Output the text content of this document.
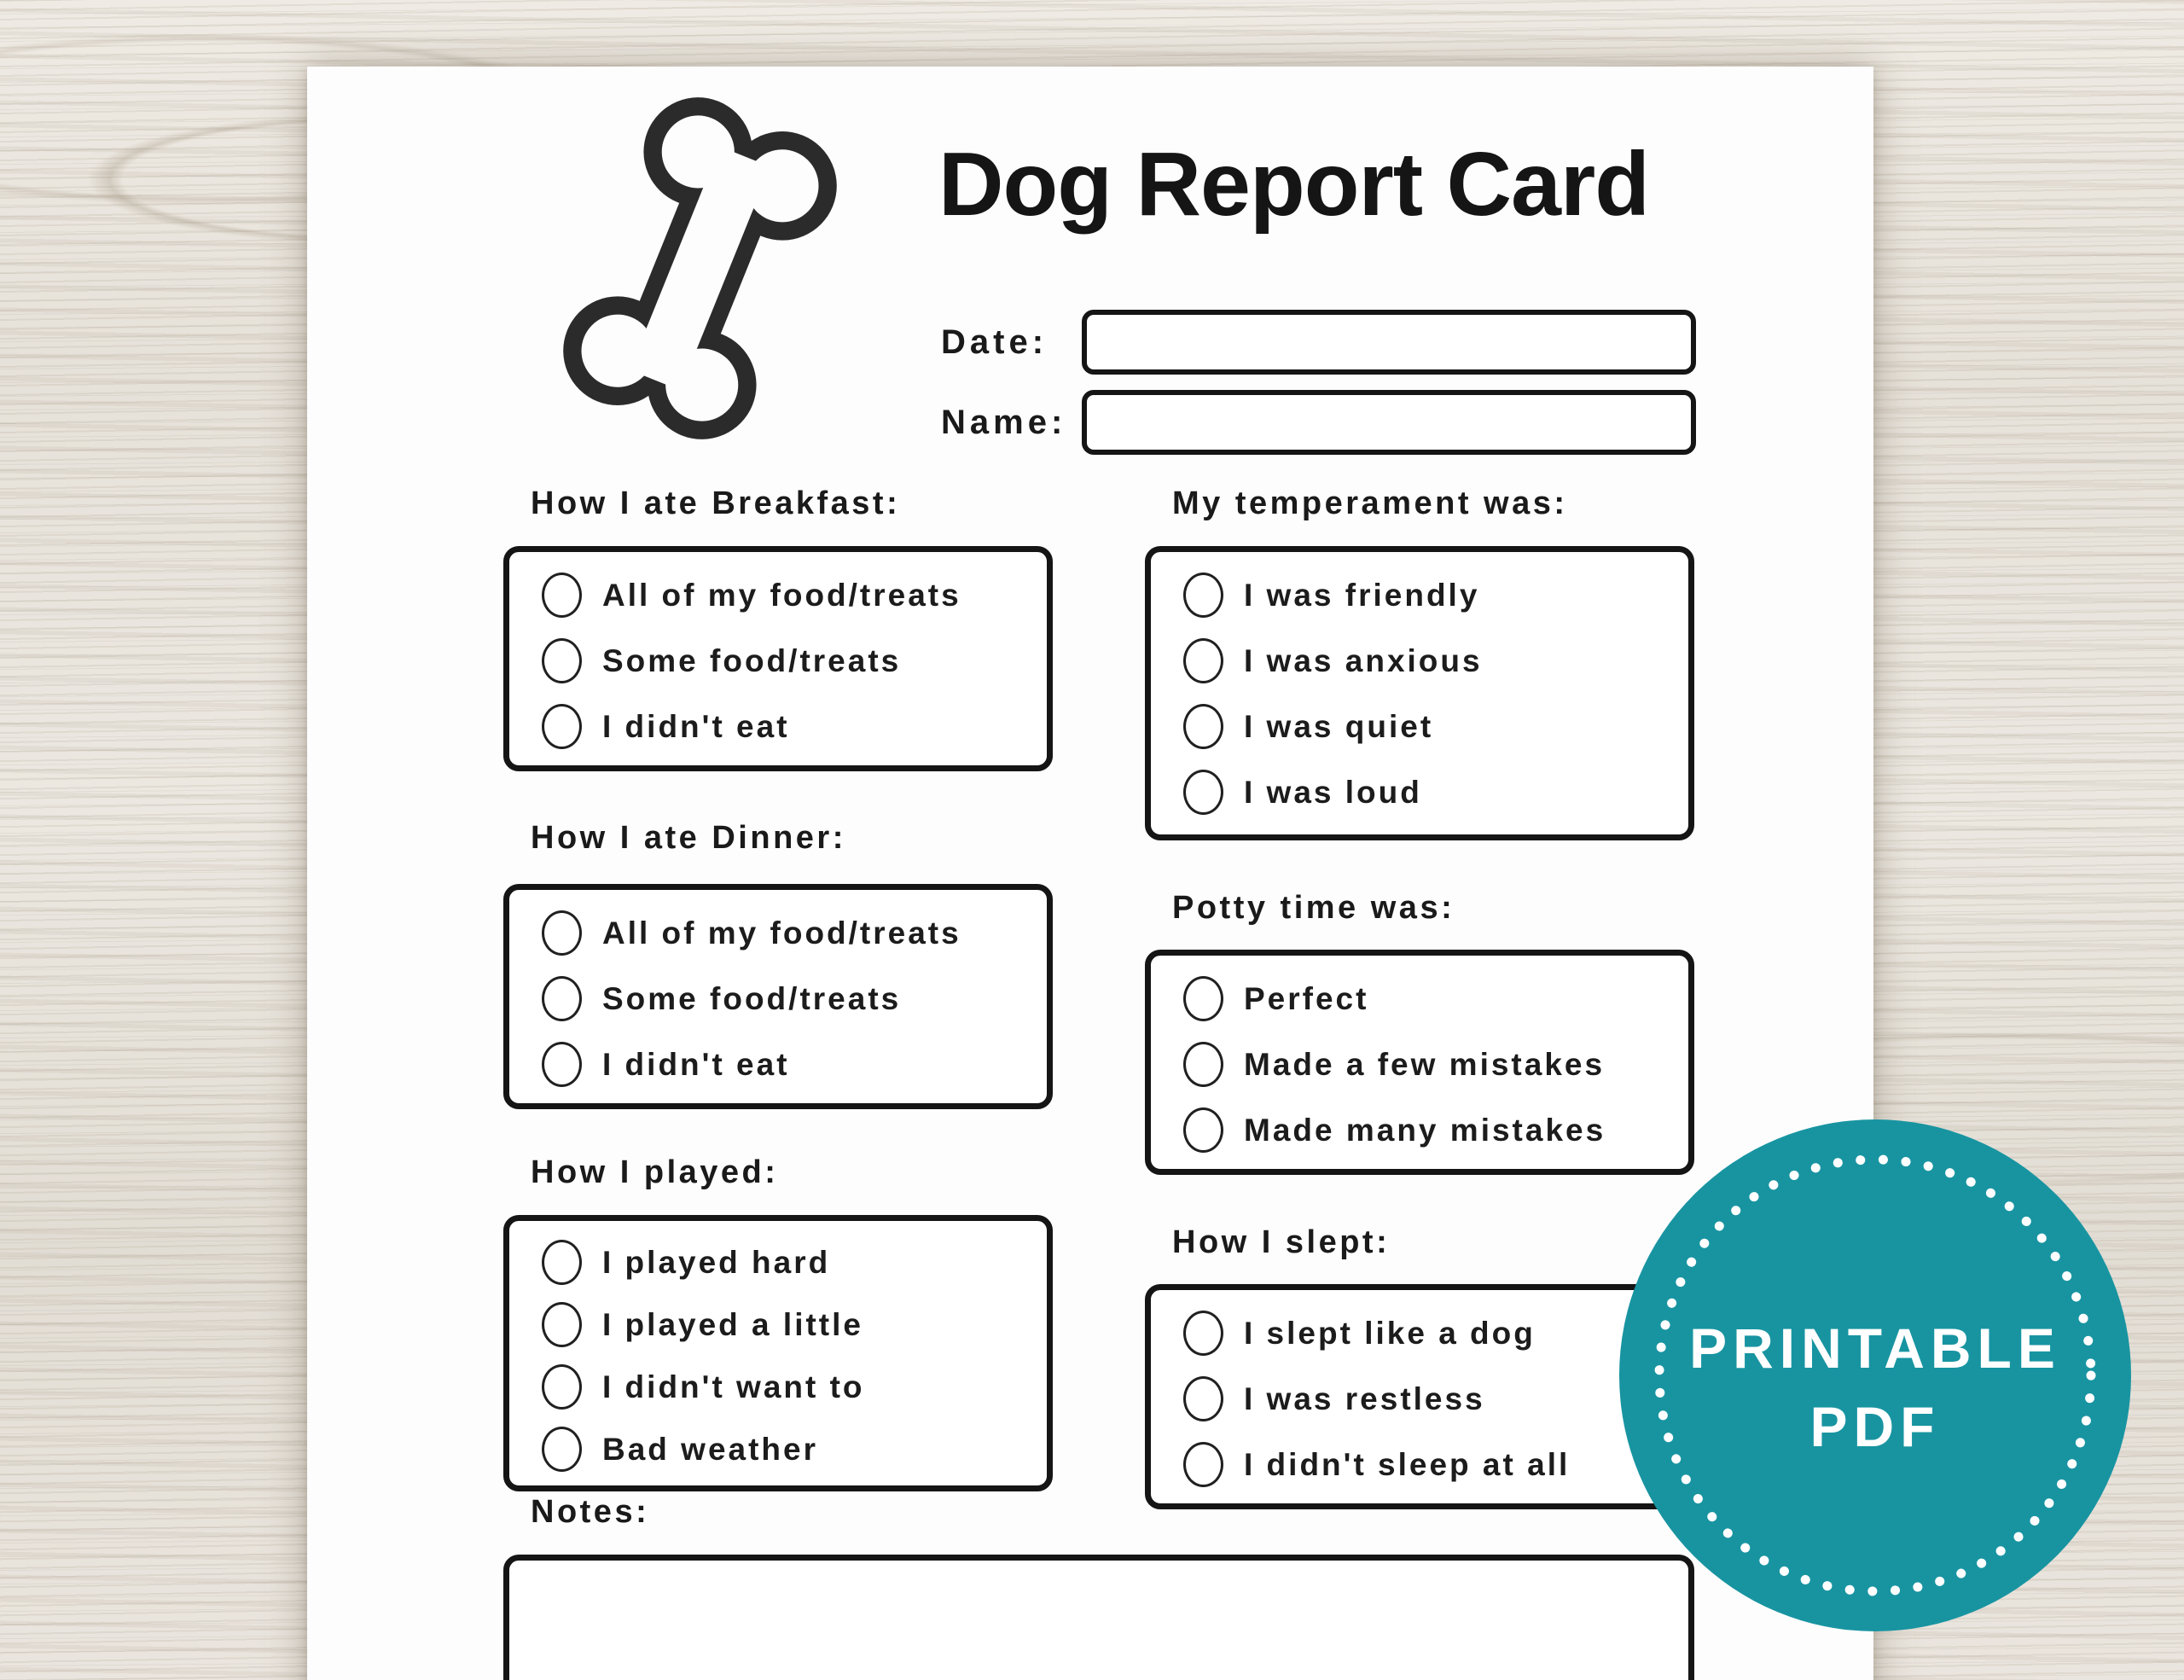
Dog Report Card
Date:
Name:
How I ate Breakfast:
All of my food/treats
Some food/treats
I didn't eat
How I ate Dinner:
All of my food/treats
Some food/treats
I didn't eat
How I played:
I played hard
I played a little
I didn't want to
Bad weather
Notes:
My temperament was:
I was friendly
I was anxious
I was quiet
I was loud
Potty time was:
Perfect
Made a few mistakes
Made many mistakes
How I slept:
I slept like a dog
I was restless
I didn't sleep at all
PRINTABLE
PDF
